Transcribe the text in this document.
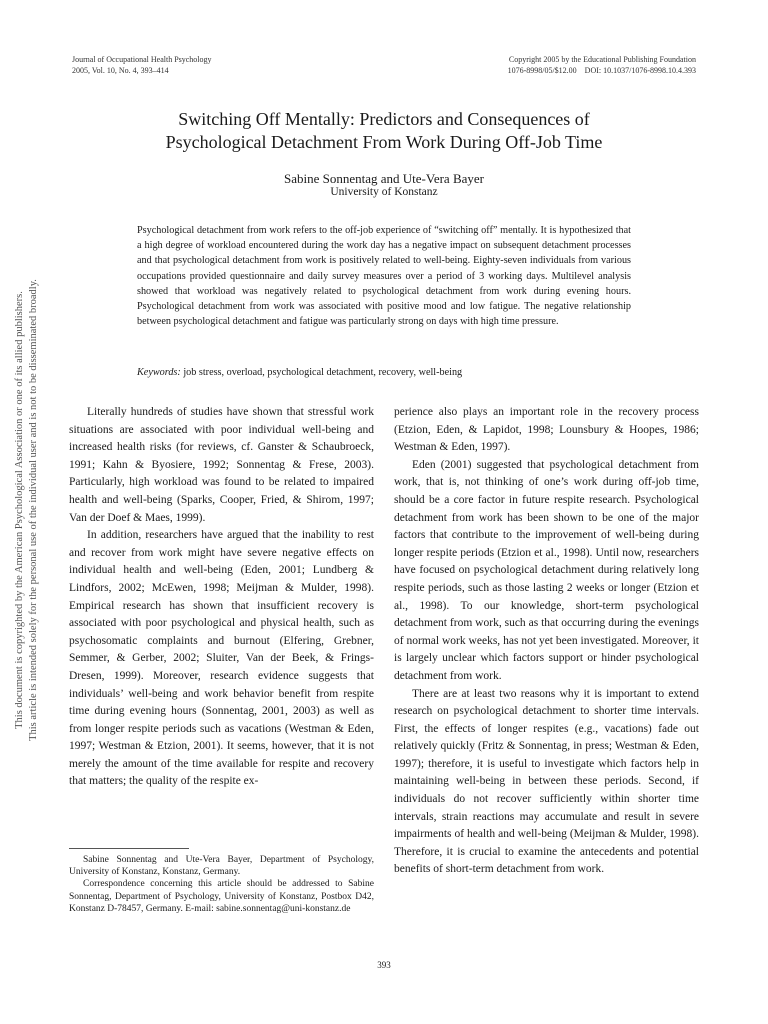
This document is copyrighted by the American Psychological Association or one of its allied publishers. This article is intended solely for the personal use of the individual user and is not to be disseminated broadly.
Journal of Occupational Health Psychology
2005, Vol. 10, No. 4, 393–414
Copyright 2005 by the Educational Publishing Foundation
1076-8998/05/$12.00    DOI: 10.1037/1076-8998.10.4.393
Switching Off Mentally: Predictors and Consequences of
Psychological Detachment From Work During Off-Job Time
Sabine Sonnentag and Ute-Vera Bayer
University of Konstanz

Psychological detachment from work refers to the off-job experience of “switching off” mentally. It is hypothesized that a high degree of workload encountered during the work day has a negative impact on subsequent detachment processes and that psychological detachment from work is positively related to well-being. Eighty-seven individuals from various occupations provided questionnaire and daily survey measures over a period of 3 working days. Multilevel analysis showed that workload was negatively related to psychological detachment from work during evening hours. Psychological detachment from work was associated with positive mood and low fatigue. The negative relationship between psychological detachment and fatigue was particularly strong on days with high time pressure.

Keywords: job stress, overload, psychological detachment, recovery, well-being

Literally hundreds of studies have shown that stressful work situations are associated with poor individual well-being and increased health risks (for reviews, cf. Ganster & Schaubroeck, 1991; Kahn & Byosiere, 1992; Sonnentag & Frese, 2003). Particularly, high workload was found to be related to impaired health and well-being (Sparks, Cooper, Fried, & Shirom, 1997; Van der Doef & Maes, 1999).

In addition, researchers have argued that the inability to rest and recover from work might have severe negative effects on individual health and well-being (Eden, 2001; Lundberg & Lindfors, 2002; McEwen, 1998; Meijman & Mulder, 1998). Empirical research has shown that insufficient recovery is associated with poor psychological and physical health, such as psychosomatic complaints and burnout (Elfering, Grebner, Semmer, & Gerber, 2002; Sluiter, Van der Beek, & Frings-Dresen, 1999). Moreover, research evidence suggests that individuals’ well-being and work behavior benefit from respite time during evening hours (Sonnentag, 2001, 2003) as well as from longer respite periods such as vacations (Westman & Eden, 1997; Westman & Etzion, 2001). It seems, however, that it is not merely the amount of the time available for respite and recovery that matters; the quality of the respite ex-

perience also plays an important role in the recovery process (Etzion, Eden, & Lapidot, 1998; Lounsbury & Hoopes, 1986; Westman & Eden, 1997).

Eden (2001) suggested that psychological detachment from work, that is, not thinking of one’s work during off-job time, should be a core factor in future respite research. Psychological detachment from work has been shown to be one of the major factors that contribute to the improvement of well-being during longer respite periods (Etzion et al., 1998). Until now, researchers have focused on psychological detachment during relatively long respite periods, such as those lasting 2 weeks or longer (Etzion et al., 1998). To our knowledge, short-term psychological detachment from work, such as that occurring during the evenings of normal work weeks, has not yet been investigated. Moreover, it is largely unclear which factors support or hinder psychological detachment from work.

There are at least two reasons why it is important to extend research on psychological detachment to shorter time intervals. First, the effects of longer respites (e.g., vacations) fade out relatively quickly (Fritz & Sonnentag, in press; Westman & Eden, 1997); therefore, it is useful to investigate which factors help in maintaining well-being in between these periods. Second, if individuals do not recover sufficiently within shorter time intervals, strain reactions may accumulate and result in severe impairments of health and well-being (Meijman & Mulder, 1998). Therefore, it is crucial to examine the antecedents and potential benefits of short-term detachment from work.

Sabine Sonnentag and Ute-Vera Bayer, Department of Psychology, University of Konstanz, Konstanz, Germany.

Correspondence concerning this article should be addressed to Sabine Sonnentag, Department of Psychology, University of Konstanz, Postbox D42, Konstanz D-78457, Germany. E-mail: sabine.sonnentag@uni-konstanz.de

393
